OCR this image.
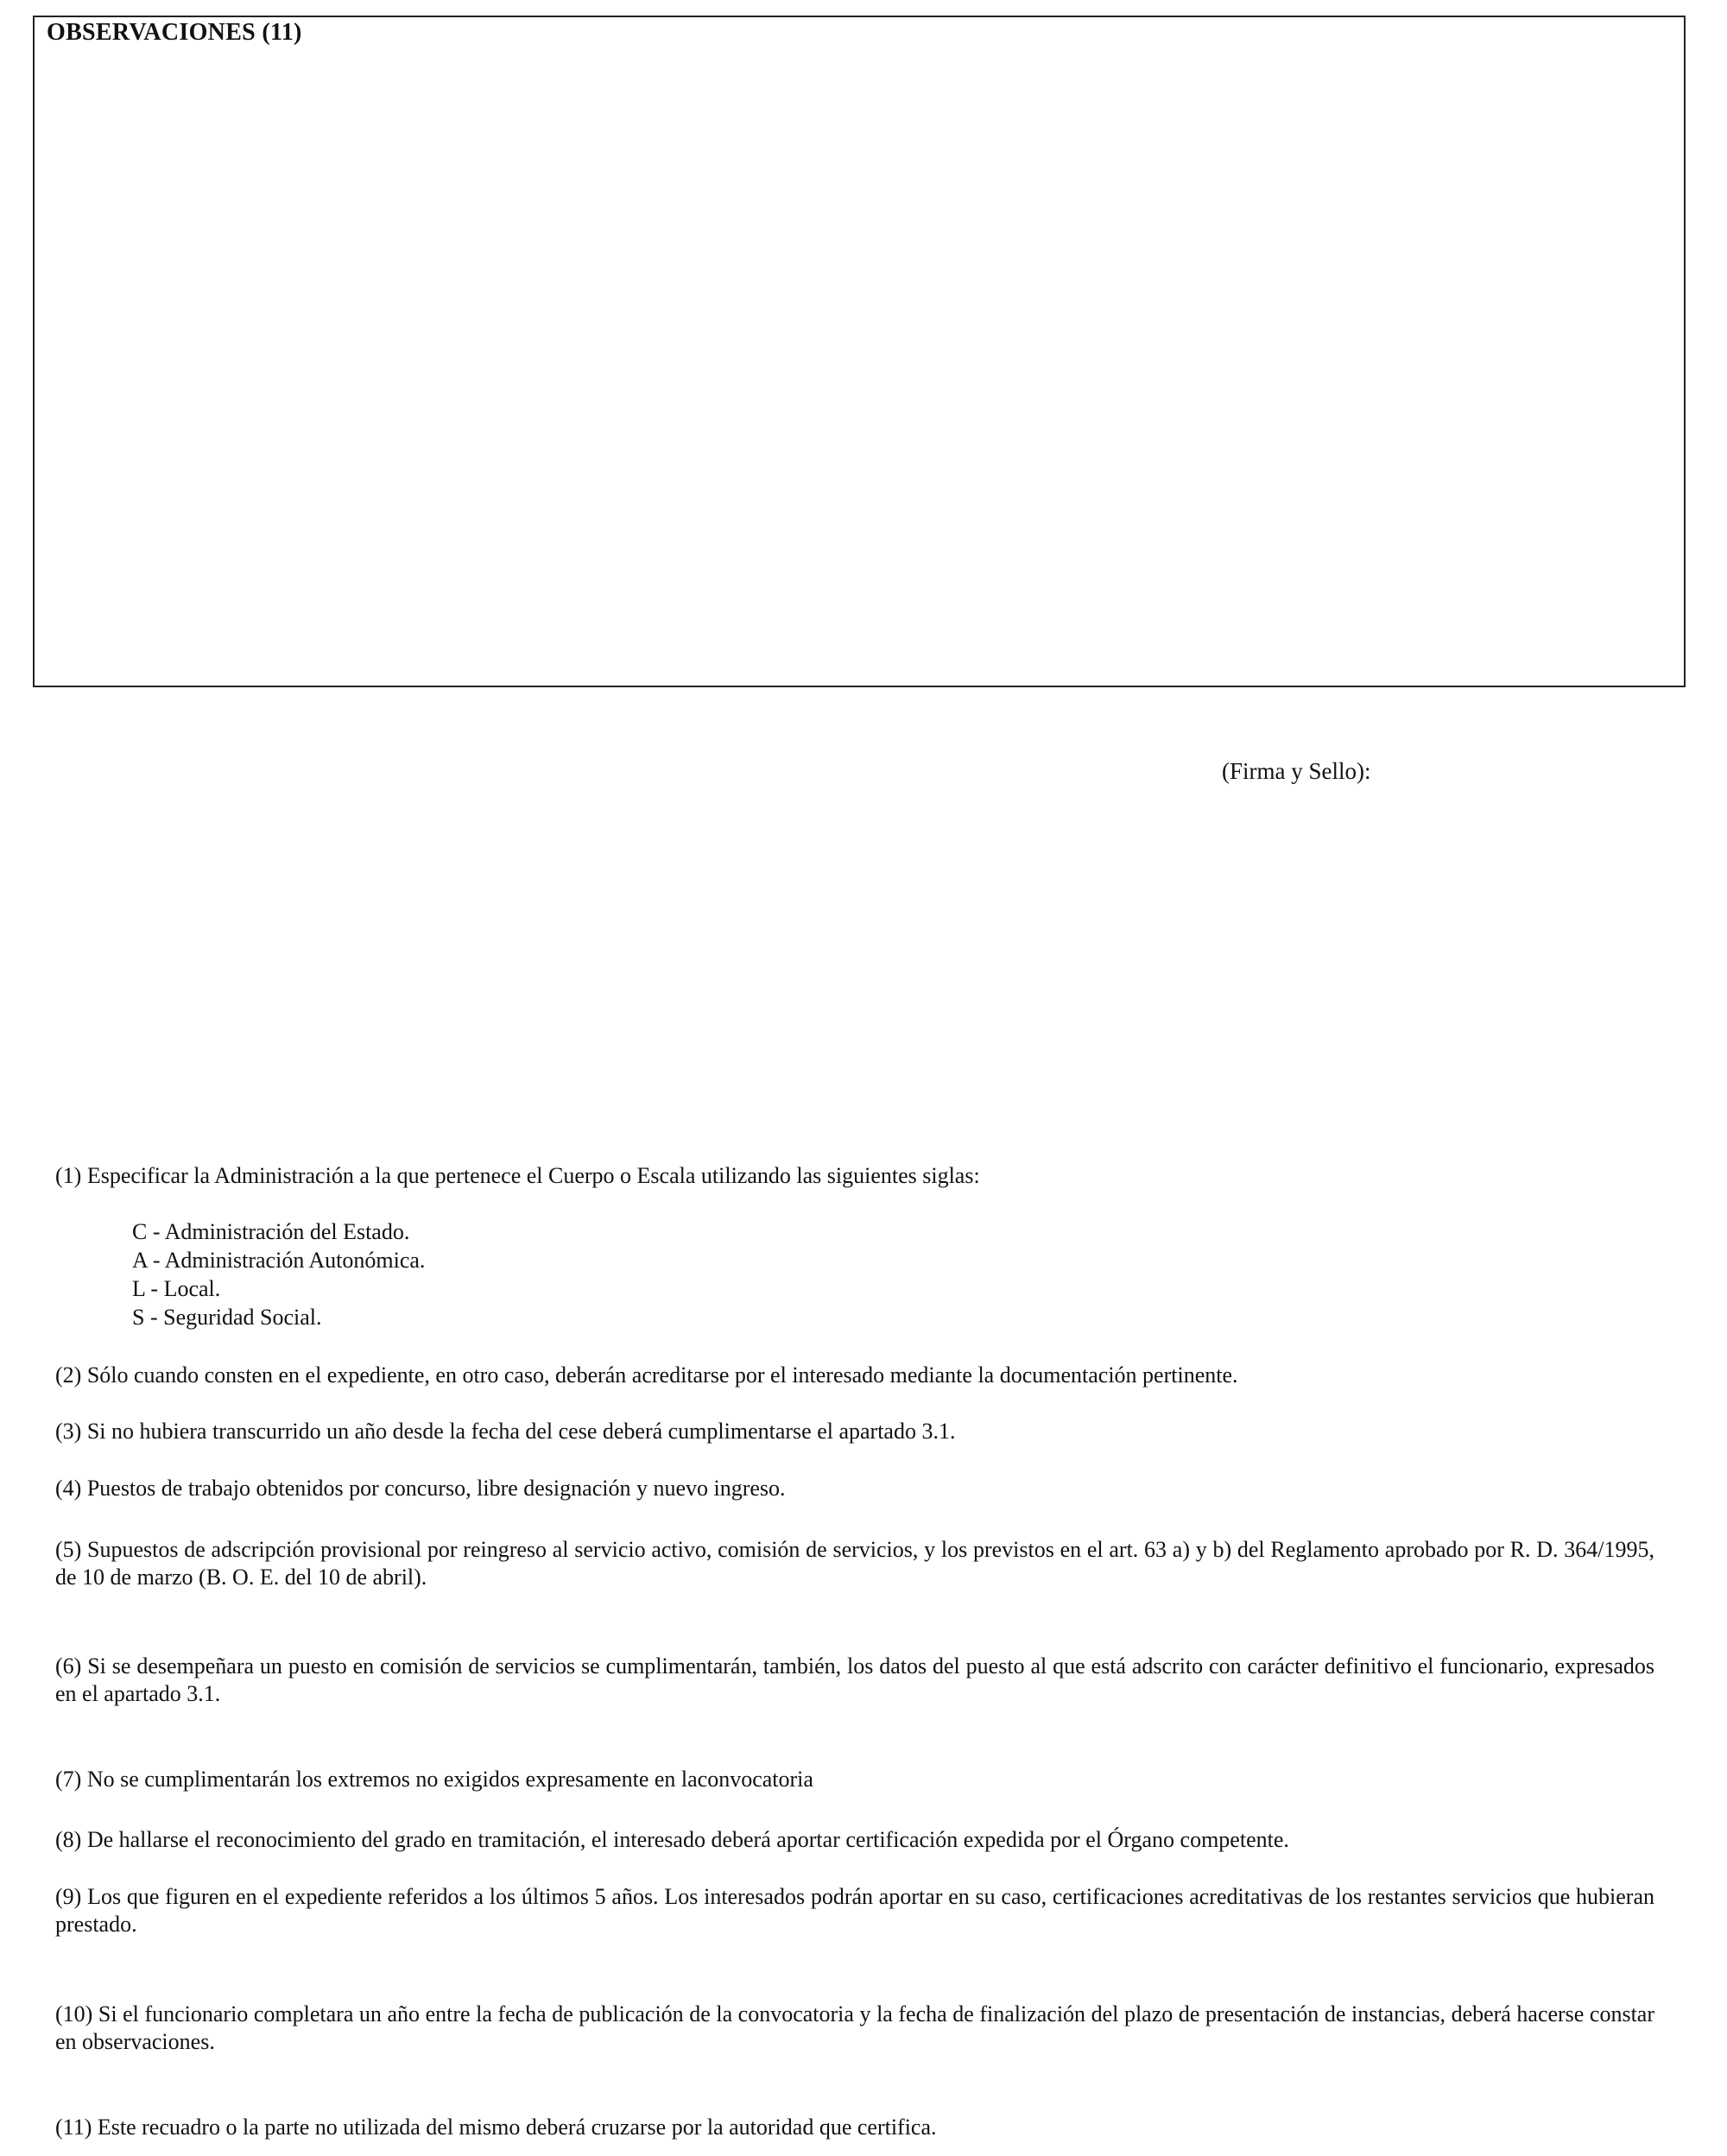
OBSERVACIONES (11)
(Firma y Sello):
(1) Especificar la Administración a la que pertenece el Cuerpo o Escala utilizando las siguientes siglas:
C - Administración del Estado.
A - Administración Autonómica.
L - Local.
S - Seguridad Social.
(2) Sólo cuando consten en el expediente, en otro caso, deberán acreditarse por el interesado mediante la documentación pertinente.
(3) Si no hubiera transcurrido un año desde la fecha del cese deberá cumplimentarse el apartado 3.1.
(4) Puestos de trabajo obtenidos por concurso, libre designación y nuevo ingreso.
(5) Supuestos de adscripción provisional por reingreso al servicio activo, comisión de servicios, y los previstos en el art. 63 a) y b) del Reglamento aprobado por R. D. 364/1995, de 10 de marzo (B. O. E. del 10 de abril).
(6) Si se desempeñara un puesto en comisión de servicios se cumplimentarán, también, los datos del puesto al que está adscrito con carácter definitivo el funcionario, expresados en el apartado 3.1.
(7) No se cumplimentarán los extremos no exigidos expresamente en laconvocatoria
(8) De hallarse el reconocimiento del grado en tramitación, el interesado deberá aportar certificación expedida por el Órgano competente.
(9) Los que figuren en el expediente referidos a los últimos 5 años. Los interesados podrán aportar en su caso, certificaciones acreditativas de los restantes servicios que hubieran prestado.
(10) Si el funcionario completara un año entre la fecha de publicación de la convocatoria y la fecha de finalización del plazo de presentación de instancias, deberá hacerse constar en observaciones.
(11) Este recuadro o la parte no utilizada del mismo deberá cruzarse por la autoridad que certifica.
